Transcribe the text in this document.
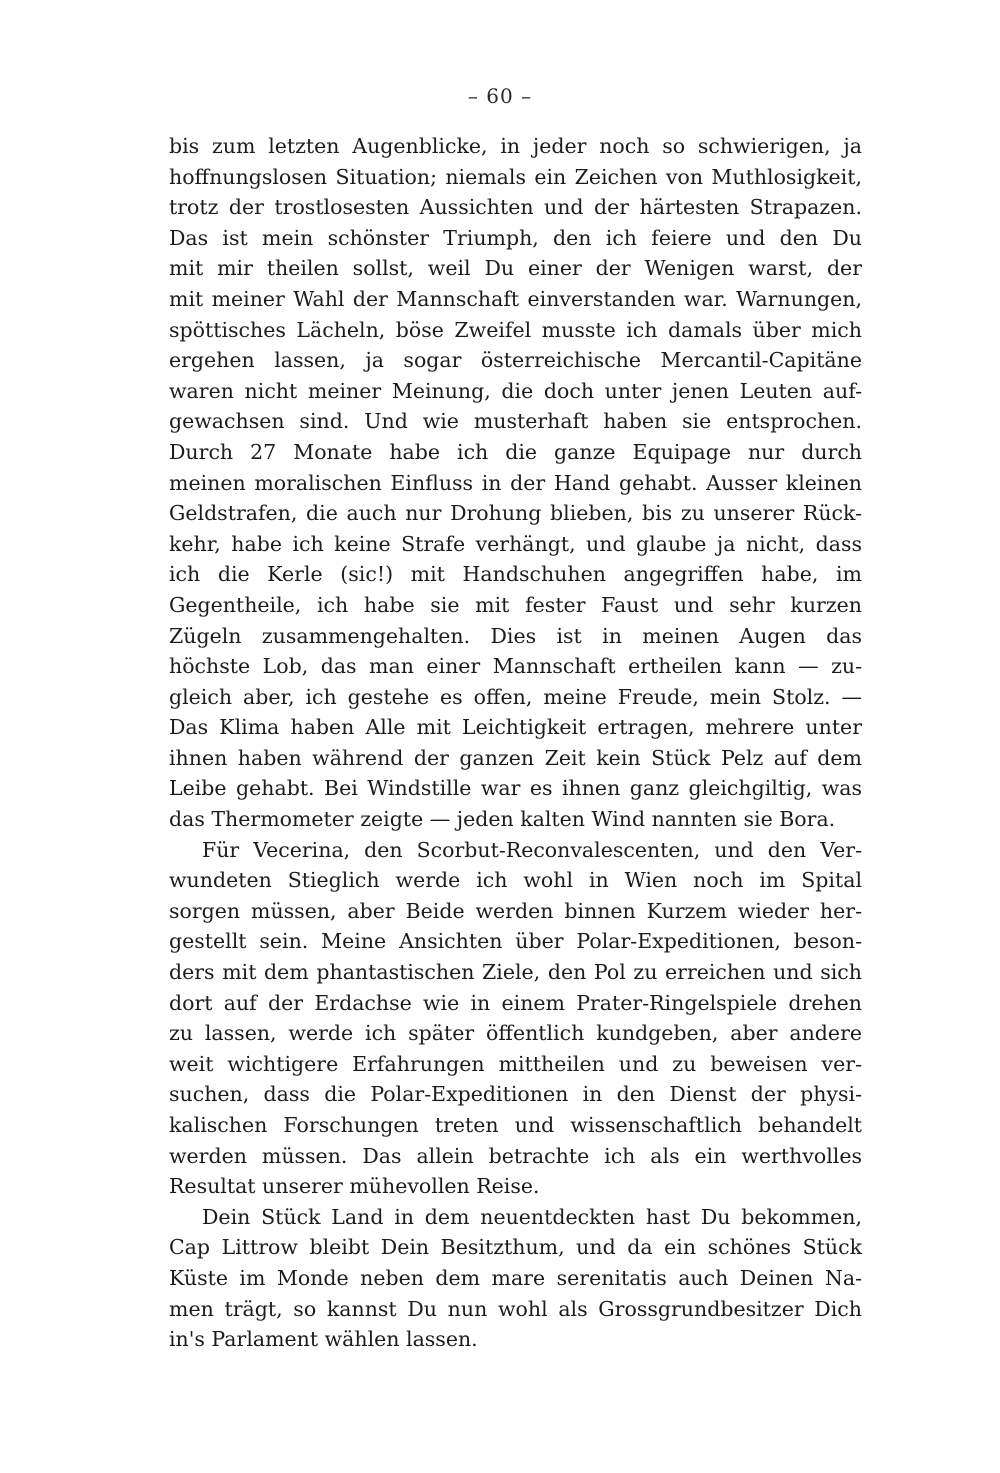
– 60 –
bis zum letzten Augenblicke, in jeder noch so schwierigen, ja
hoffnungslosen Situation; niemals ein Zeichen von Muthlosigkeit,
trotz der trostlosesten Aussichten und der härtesten Strapazen.
Das ist mein schönster Triumph, den ich feiere und den Du
mit mir theilen sollst, weil Du einer der Wenigen warst, der
mit meiner Wahl der Mannschaft einverstanden war. Warnungen,
spöttisches Lächeln, böse Zweifel musste ich damals über mich
ergehen lassen, ja sogar österreichische Mercantil-Capitäne
waren nicht meiner Meinung, die doch unter jenen Leuten auf-
gewachsen sind. Und wie musterhaft haben sie entsprochen.
Durch 27 Monate habe ich die ganze Equipage nur durch
meinen moralischen Einfluss in der Hand gehabt. Ausser kleinen
Geldstrafen, die auch nur Drohung blieben, bis zu unserer Rück-
kehr, habe ich keine Strafe verhängt, und glaube ja nicht, dass
ich die Kerle (sic!) mit Handschuhen angegriffen habe, im
Gegentheile, ich habe sie mit fester Faust und sehr kurzen
Zügeln zusammengehalten. Dies ist in meinen Augen das
höchste Lob, das man einer Mannschaft ertheilen kann — zu-
gleich aber, ich gestehe es offen, meine Freude, mein Stolz. —
Das Klima haben Alle mit Leichtigkeit ertragen, mehrere unter
ihnen haben während der ganzen Zeit kein Stück Pelz auf dem
Leibe gehabt. Bei Windstille war es ihnen ganz gleichgiltig, was
das Thermometer zeigte — jeden kalten Wind nannten sie Bora.
Für Vecerina, den Scorbut-Reconvalescenten, und den Ver-
wundeten Stieglich werde ich wohl in Wien noch im Spital
sorgen müssen, aber Beide werden binnen Kurzem wieder her-
gestellt sein. Meine Ansichten über Polar-Expeditionen, beson-
ders mit dem phantastischen Ziele, den Pol zu erreichen und sich
dort auf der Erdachse wie in einem Prater-Ringelspiele drehen
zu lassen, werde ich später öffentlich kundgeben, aber andere
weit wichtigere Erfahrungen mittheilen und zu beweisen ver-
suchen, dass die Polar-Expeditionen in den Dienst der physi-
kalischen Forschungen treten und wissenschaftlich behandelt
werden müssen. Das allein betrachte ich als ein werthvolles
Resultat unserer mühevollen Reise.
Dein Stück Land in dem neuentdeckten hast Du bekommen,
Cap Littrow bleibt Dein Besitzthum, und da ein schönes Stück
Küste im Monde neben dem mare serenitatis auch Deinen Na-
men trägt, so kannst Du nun wohl als Grossgrundbesitzer Dich
in's Parlament wählen lassen.
